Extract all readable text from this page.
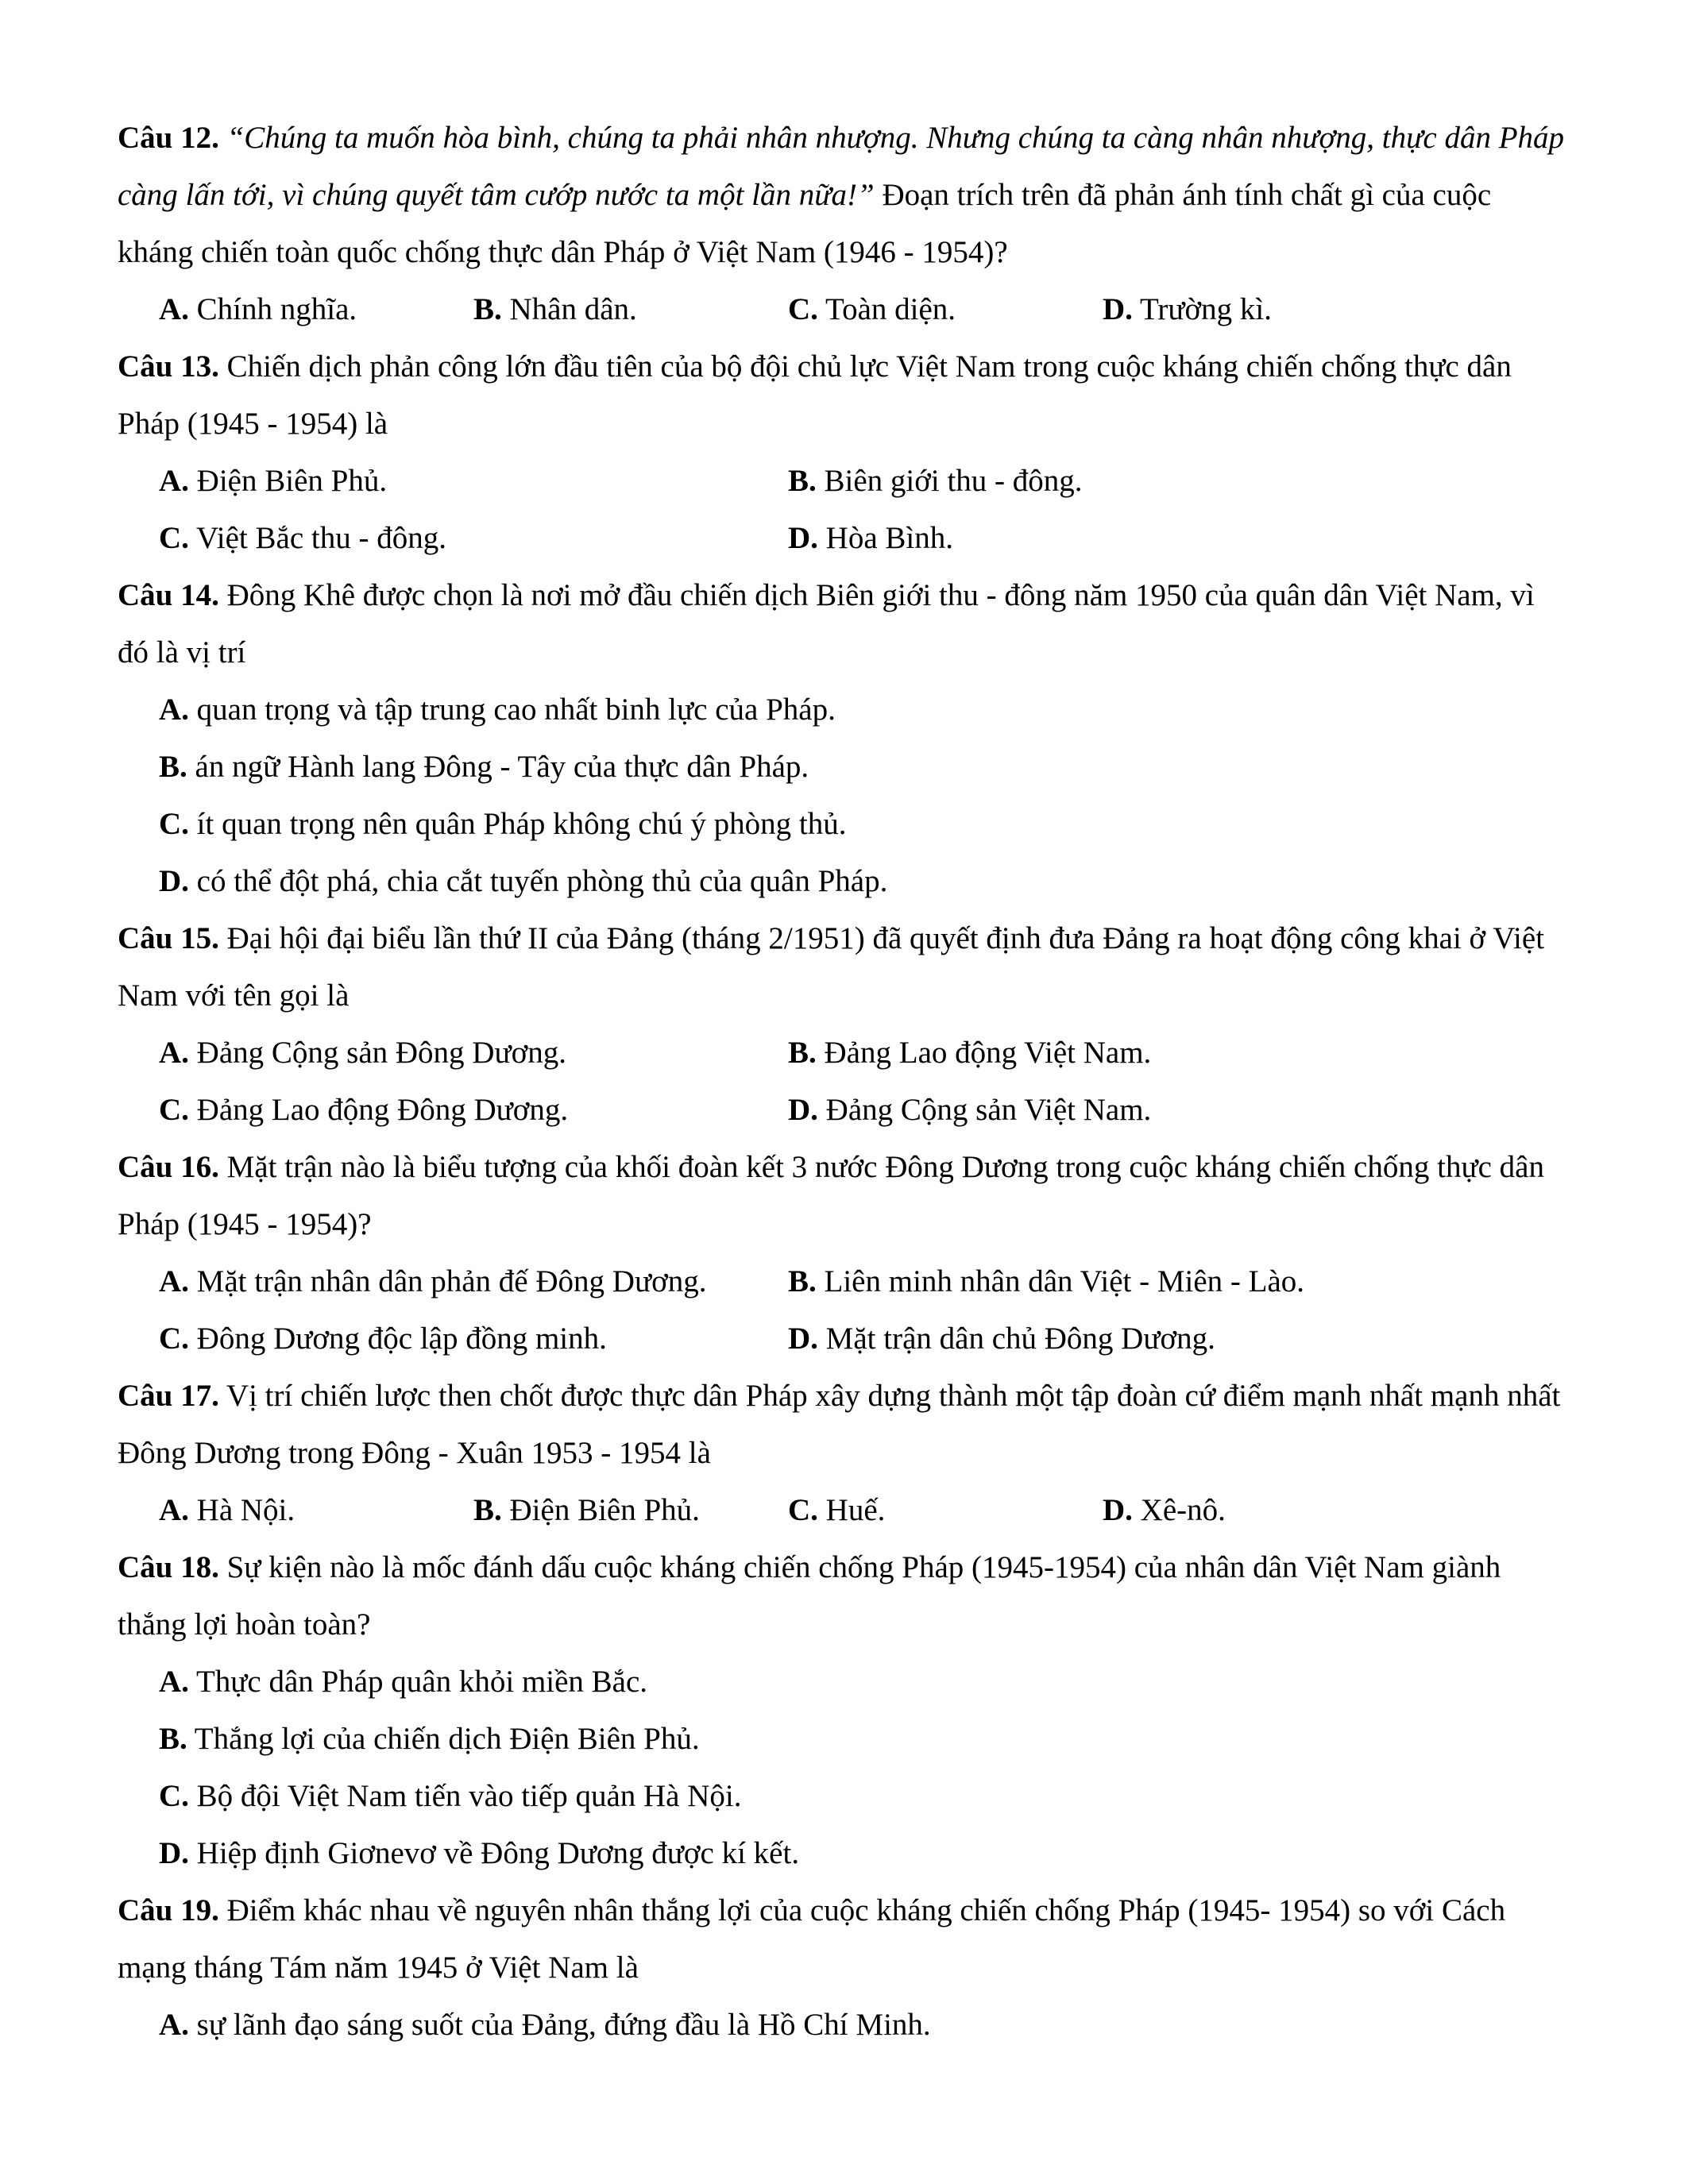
Câu 12. “Chúng ta muốn hòa bình, chúng ta phải nhân nhượng. Nhưng chúng ta càng nhân nhượng, thực dân Pháp càng lấn tới, vì chúng quyết tâm cướp nước ta một lần nữa!” Đoạn trích trên đã phản ánh tính chất gì của cuộc kháng chiến toàn quốc chống thực dân Pháp ở Việt Nam (1946 - 1954)?

A. Chính nghĩa.	B. Nhân dân.	C. Toàn diện.	D. Trường kì.

Câu 13. Chiến dịch phản công lớn đầu tiên của bộ đội chủ lực Việt Nam trong cuộc kháng chiến chống thực dân Pháp (1945 - 1954) là

A. Điện Biên Phủ.	B. Biên giới thu - đông.
C. Việt Bắc thu - đông.	D. Hòa Bình.

Câu 14. Đông Khê được chọn là nơi mở đầu chiến dịch Biên giới thu - đông năm 1950 của quân dân Việt Nam, vì đó là vị trí

A. quan trọng và tập trung cao nhất binh lực của Pháp.
B. án ngữ Hành lang Đông - Tây của thực dân Pháp.
C. ít quan trọng nên quân Pháp không chú ý phòng thủ.
D. có thể đột phá, chia cắt tuyến phòng thủ của quân Pháp.

Câu 15. Đại hội đại biểu lần thứ II của Đảng (tháng 2/1951) đã quyết định đưa Đảng ra hoạt động công khai ở Việt Nam với tên gọi là

A. Đảng Cộng sản Đông Dương.	B. Đảng Lao động Việt Nam.
C. Đảng Lao động Đông Dương.	D. Đảng Cộng sản Việt Nam.

Câu 16. Mặt trận nào là biểu tượng của khối đoàn kết 3 nước Đông Dương trong cuộc kháng chiến chống thực dân Pháp (1945 - 1954)?

A. Mặt trận nhân dân phản đế Đông Dương.	B. Liên minh nhân dân Việt - Miên - Lào.
C. Đông Dương độc lập đồng minh.	D. Mặt trận dân chủ Đông Dương.

Câu 17. Vị trí chiến lược then chốt được thực dân Pháp xây dựng thành một tập đoàn cứ điểm mạnh nhất mạnh nhất Đông Dương trong Đông - Xuân 1953 - 1954 là

A. Hà Nội.	B. Điện Biên Phủ.	C. Huế.	D. Xê-nô.

Câu 18. Sự kiện nào là mốc đánh dấu cuộc kháng chiến chống Pháp (1945-1954) của nhân dân Việt Nam giành thắng lợi hoàn toàn?

A. Thực dân Pháp quân khỏi miền Bắc.
B. Thắng lợi của chiến dịch Điện Biên Phủ.
C. Bộ đội Việt Nam tiến vào tiếp quản Hà Nội.
D. Hiệp định Giơnevơ về Đông Dương được kí kết.

Câu 19. Điểm khác nhau về nguyên nhân thắng lợi của cuộc kháng chiến chống Pháp (1945- 1954) so với Cách mạng tháng Tám năm 1945 ở Việt Nam là

A. sự lãnh đạo sáng suốt của Đảng, đứng đầu là Hồ Chí Minh.
